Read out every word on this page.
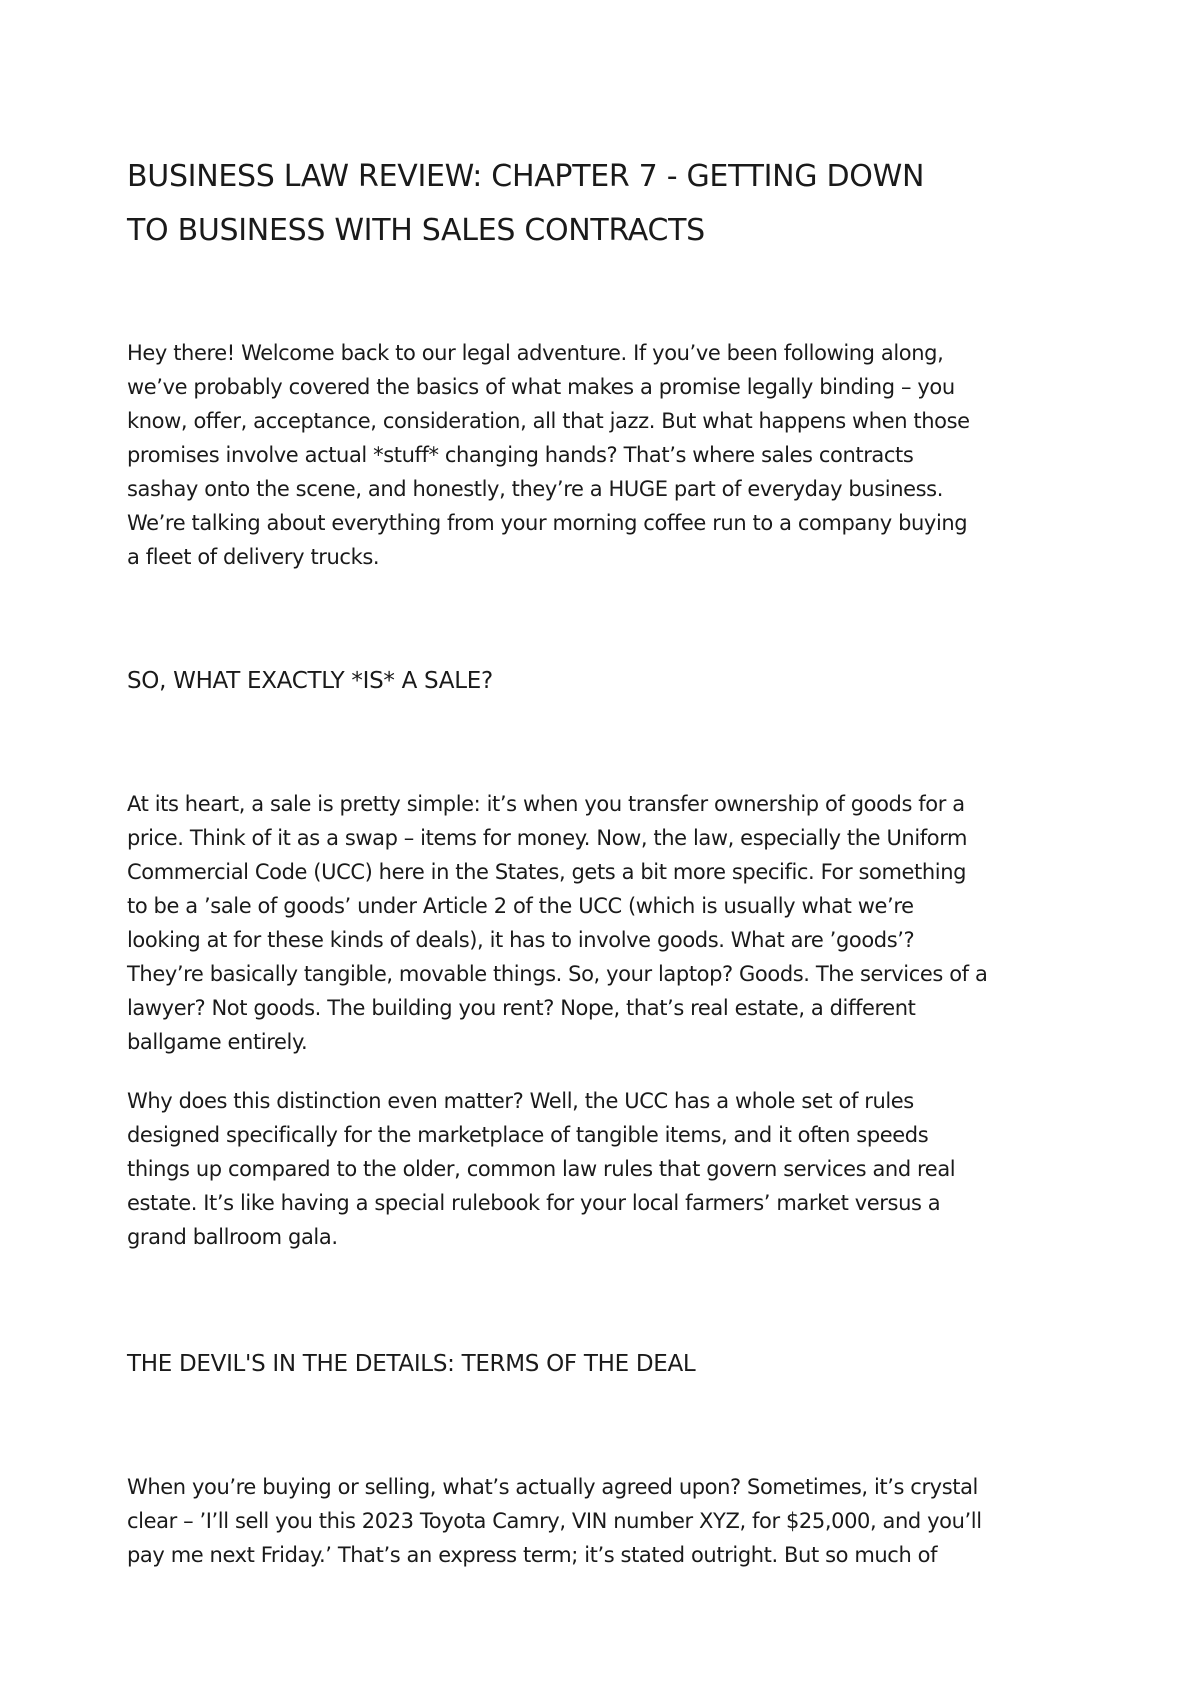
BUSINESS LAW REVIEW: CHAPTER 7 - GETTING DOWN
TO BUSINESS WITH SALES CONTRACTS

Hey there! Welcome back to our legal adventure. If you’ve been following along,
we’ve probably covered the basics of what makes a promise legally binding – you
know, offer, acceptance, consideration, all that jazz. But what happens when those
promises involve actual *stuff* changing hands? That’s where sales contracts
sashay onto the scene, and honestly, they’re a HUGE part of everyday business.
We’re talking about everything from your morning coffee run to a company buying
a fleet of delivery trucks.

SO, WHAT EXACTLY *IS* A SALE?

At its heart, a sale is pretty simple: it’s when you transfer ownership of goods for a
price. Think of it as a swap – items for money. Now, the law, especially the Uniform
Commercial Code (UCC) here in the States, gets a bit more specific. For something
to be a ’sale of goods’ under Article 2 of the UCC (which is usually what we’re
looking at for these kinds of deals), it has to involve goods. What are ’goods’?
They’re basically tangible, movable things. So, your laptop? Goods. The services of a
lawyer? Not goods. The building you rent? Nope, that’s real estate, a different
ballgame entirely.

Why does this distinction even matter? Well, the UCC has a whole set of rules
designed specifically for the marketplace of tangible items, and it often speeds
things up compared to the older, common law rules that govern services and real
estate. It’s like having a special rulebook for your local farmers’ market versus a
grand ballroom gala.

THE DEVIL'S IN THE DETAILS: TERMS OF THE DEAL

When you’re buying or selling, what’s actually agreed upon? Sometimes, it’s crystal
clear – ’I’ll sell you this 2023 Toyota Camry, VIN number XYZ, for $25,000, and you’ll
pay me next Friday.’ That’s an express term; it’s stated outright. But so much of
